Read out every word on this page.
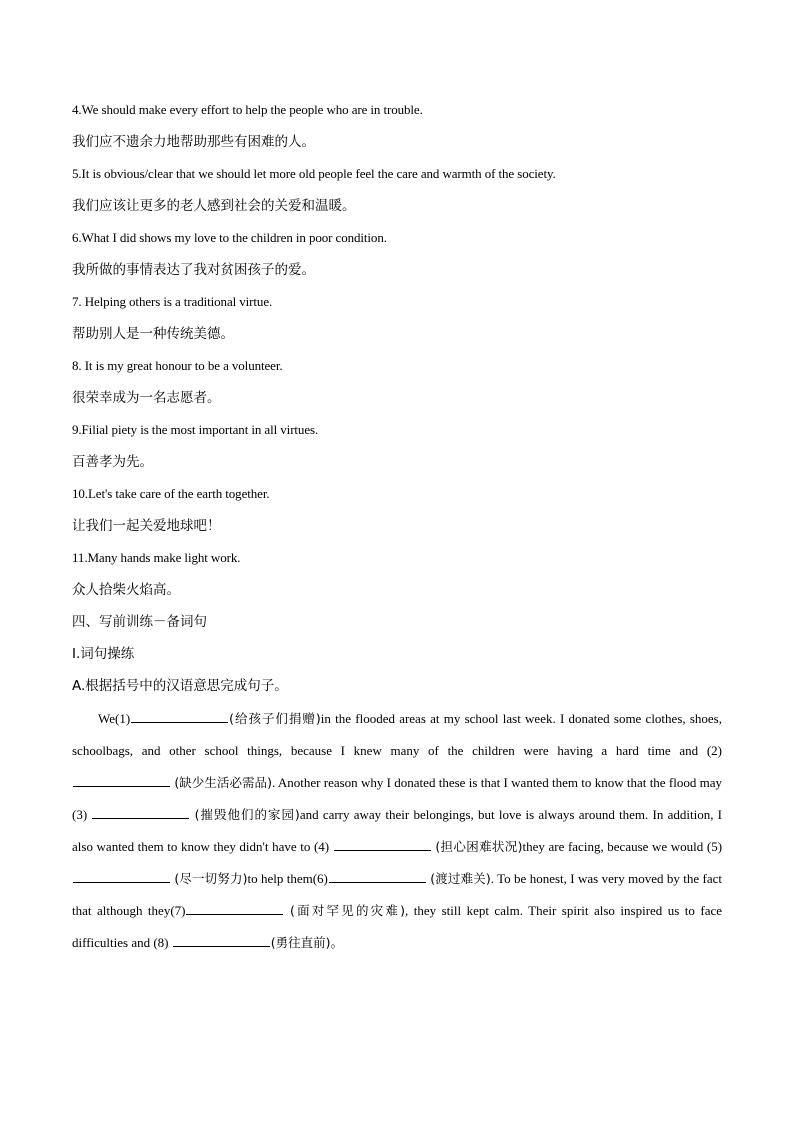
4.We should make every effort to help the people who are in trouble.
我们应不遗余力地帮助那些有困难的人。
5.It is obvious/clear that we should let more old people feel the care and warmth of the society.
我们应该让更多的老人感到社会的关爱和温暖。
6.What I did shows my love to the children in poor condition.
我所做的事情表达了我对贫困孩子的爱。
7. Helping others is a traditional virtue.
帮助别人是一种传统美德。
8. It is my great honour to be a volunteer.
很荣幸成为一名志愿者。
9.Filial piety is the most important in all virtues.
百善孝为先。
10.Let's take care of the earth together.
让我们一起关爱地球吧！
11.Many hands make light work.
众人拾柴火焰高。
四、写前训练－备词句
I.词句操练
A.根据括号中的汉语意思完成句子。
We(1)	(给孩子们捐赠)in the flooded areas at my school last week. I donated some clothes, shoes, schoolbags, and other school things, because I knew many of the children were having a hard time and (2)  (缺少生活必需品). Another reason why I donated these is that I wanted them to know that the flood may (3)	(摧毁他们的家园)and carry away their belongings, but love is always around them. In addition, I also wanted them to know they didn't have to (4)	(担心困难状况)they are facing, because we would (5)  (尽一切努力)to help them(6)	(渡过难关). To be honest, I was very moved by the fact that although they(7)	(面对罕见的灾难), they still kept calm. Their spirit also inspired us to face difficulties and (8)	(勇往直前)。
